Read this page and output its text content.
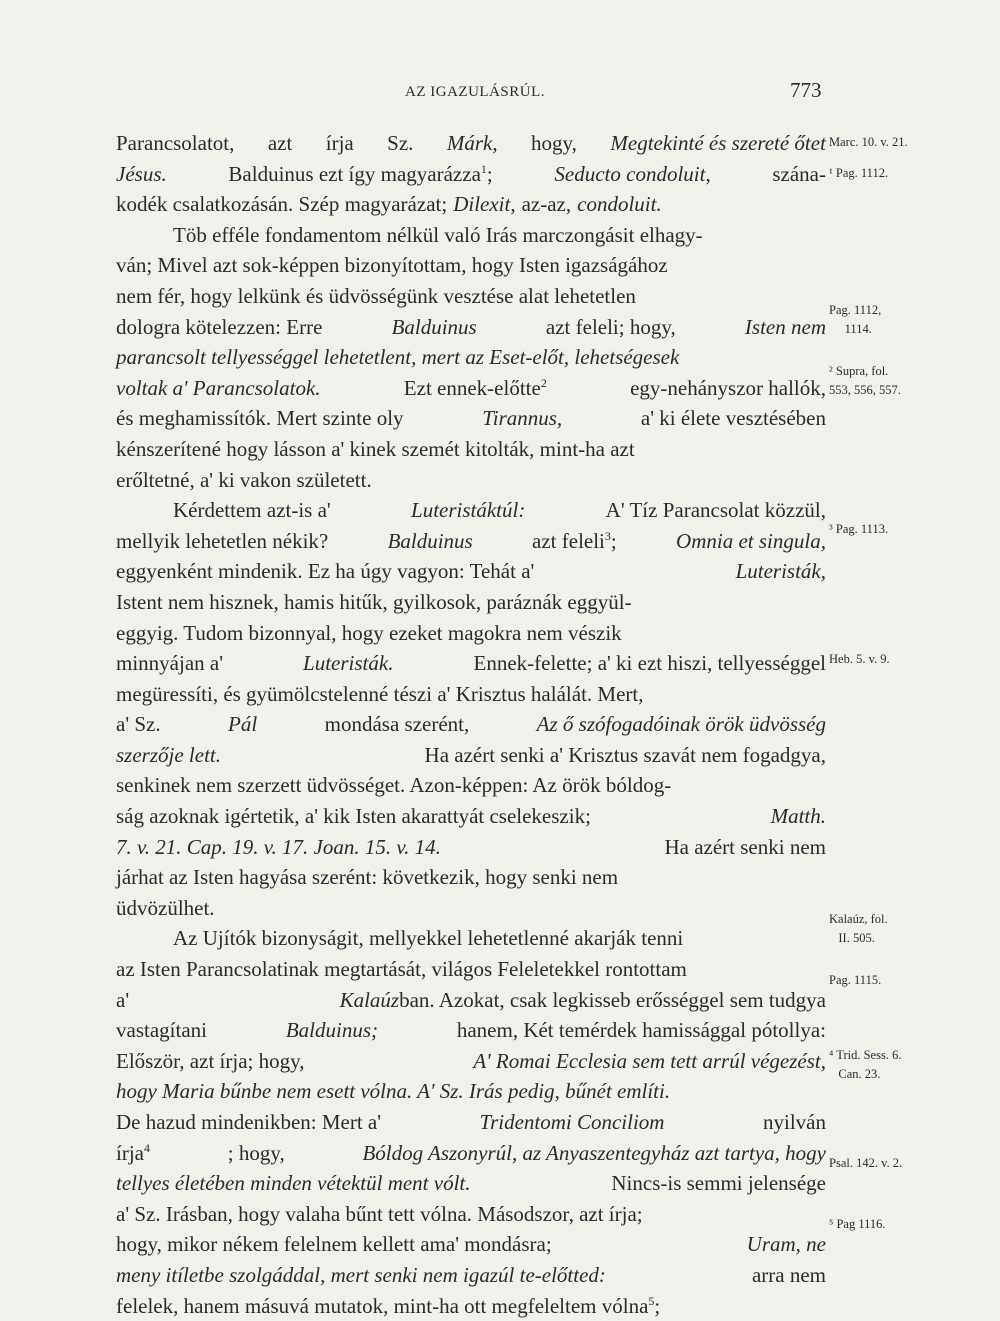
AZ IGAZULÁSRÚL.	773
Parancsolatot, azt írja Sz. Márk, hogy, Megtekinté és szereté őtet
Jésus.	Balduinus ezt így magyarázza$^1$;	Seducto condoluit,	szána-
kodék csalatkozásán. Szép magyarázat; Dilexit, az-az, condoluit.
Töb efféle fondamentom nélkül való Irás marczongásit elhagy-
ván; Mivel azt sok-képpen bizonyítottam, hogy Isten igazságához
nem fér, hogy lelkünk és üdvösségünk vesztése alat lehetetlen
dologra kötelezzen: Erre	Balduinus	azt feleli; hogy,	Isten nem
parancsolt tellyességgel lehetetlent, mert az Eset-előt, lehetségesek
voltak a' Parancsolatok.	Ezt ennek-előtte$^2$	egy-nehányszor hallók,
és meghamissítók. Mert szinte oly	Tirannus,	a' ki élete vesztésében
kénszerítené hogy lásson a' kinek szemét kitolták, mint-ha azt
erőltetné, a' ki vakon született.
Kérdettem azt-is a'	Luteristáktúl:	A' Tíz Parancsolat közzül,
mellyik lehetetlen nékik?	Balduinus	azt feleli$^3$;	Omnia et singula,
eggyenként mindenik. Ez ha úgy vagyon: Tehát a'	Luteristák,
Istent nem hisznek, hamis hitűk, gyilkosok, paráznák eggyül-
eggyig. Tudom bizonnyal, hogy ezeket magokra nem vészik
minnyájan a'	Luteristák.	Ennek-felette; a' ki ezt hiszi, tellyességgel
megüressíti, és gyümölcstelenné tészi a' Krisztus halálát. Mert,
a' Sz.	Pál	mondása szerént,	Az ő szófogadóinak örök üdvösség
szerzője lett.	Ha azért senki a' Krisztus szavát nem fogadgya,
senkinek nem szerzett üdvösséget. Azon-képpen: Az örök bóldog-
ság azoknak igértetik, a' kik Isten akarattyát cselekeszik;	Matth.
7. v. 21. Cap. 19. v. 17. Joan. 15. v. 14.	Ha azért senki nem
járhat az Isten hagyása szerént: következik, hogy senki nem
üdvözülhet.
Az Ujítók bizonyságit, mellyekkel lehetetlenné akarják tenni
az Isten Parancsolatinak megtartását, világos Feleletekkel rontottam
a'	Kalaúzban. Azokat, csak legkisseb erősséggel sem tudgya
vastagítani	Balduinus;	hanem, Két temérdek hamissággal pótollya:
Először, azt írja; hogy,	A' Romai Ecclesia sem tett arrúl végezést,
hogy Maria bűnbe nem esett vólna. A' Sz. Irás pedig, bűnét említi.
De hazud mindenikben: Mert a'	Tridentomi Conciliom	nyilván
írja$^4$	; hogy,	Bóldog Aszonyrúl, az Anyaszentegyház azt tartya, hogy
tellyes életében minden vétektül ment vólt.	Nincs-is semmi jelensége
a' Sz. Irásban, hogy valaha bűnt tett vólna. Másodszor, azt írja;
hogy, mikor nékem felelnem kellett ama' mondásra;	Uram, ne
meny itíletbe szolgáddal, mert senki nem igazúl te-előtted:	arra nem
felelek, hanem másuvá mutatok, mint-ha ott megfeleltem vólna$^5$;
Marc. 10. v. 21.
¹ Pag. 1112.
Pag. 1112,
1114.
² Supra, fol.
553, 556, 557.
³ Pag. 1113.
Heb. 5. v. 9.
Kalaúz, fol.
II. 505.
Pag. 1115.
⁴ Trid. Sess. 6.
Can. 23.
Psal. 142. v. 2.
⁵ Pag 1116.
